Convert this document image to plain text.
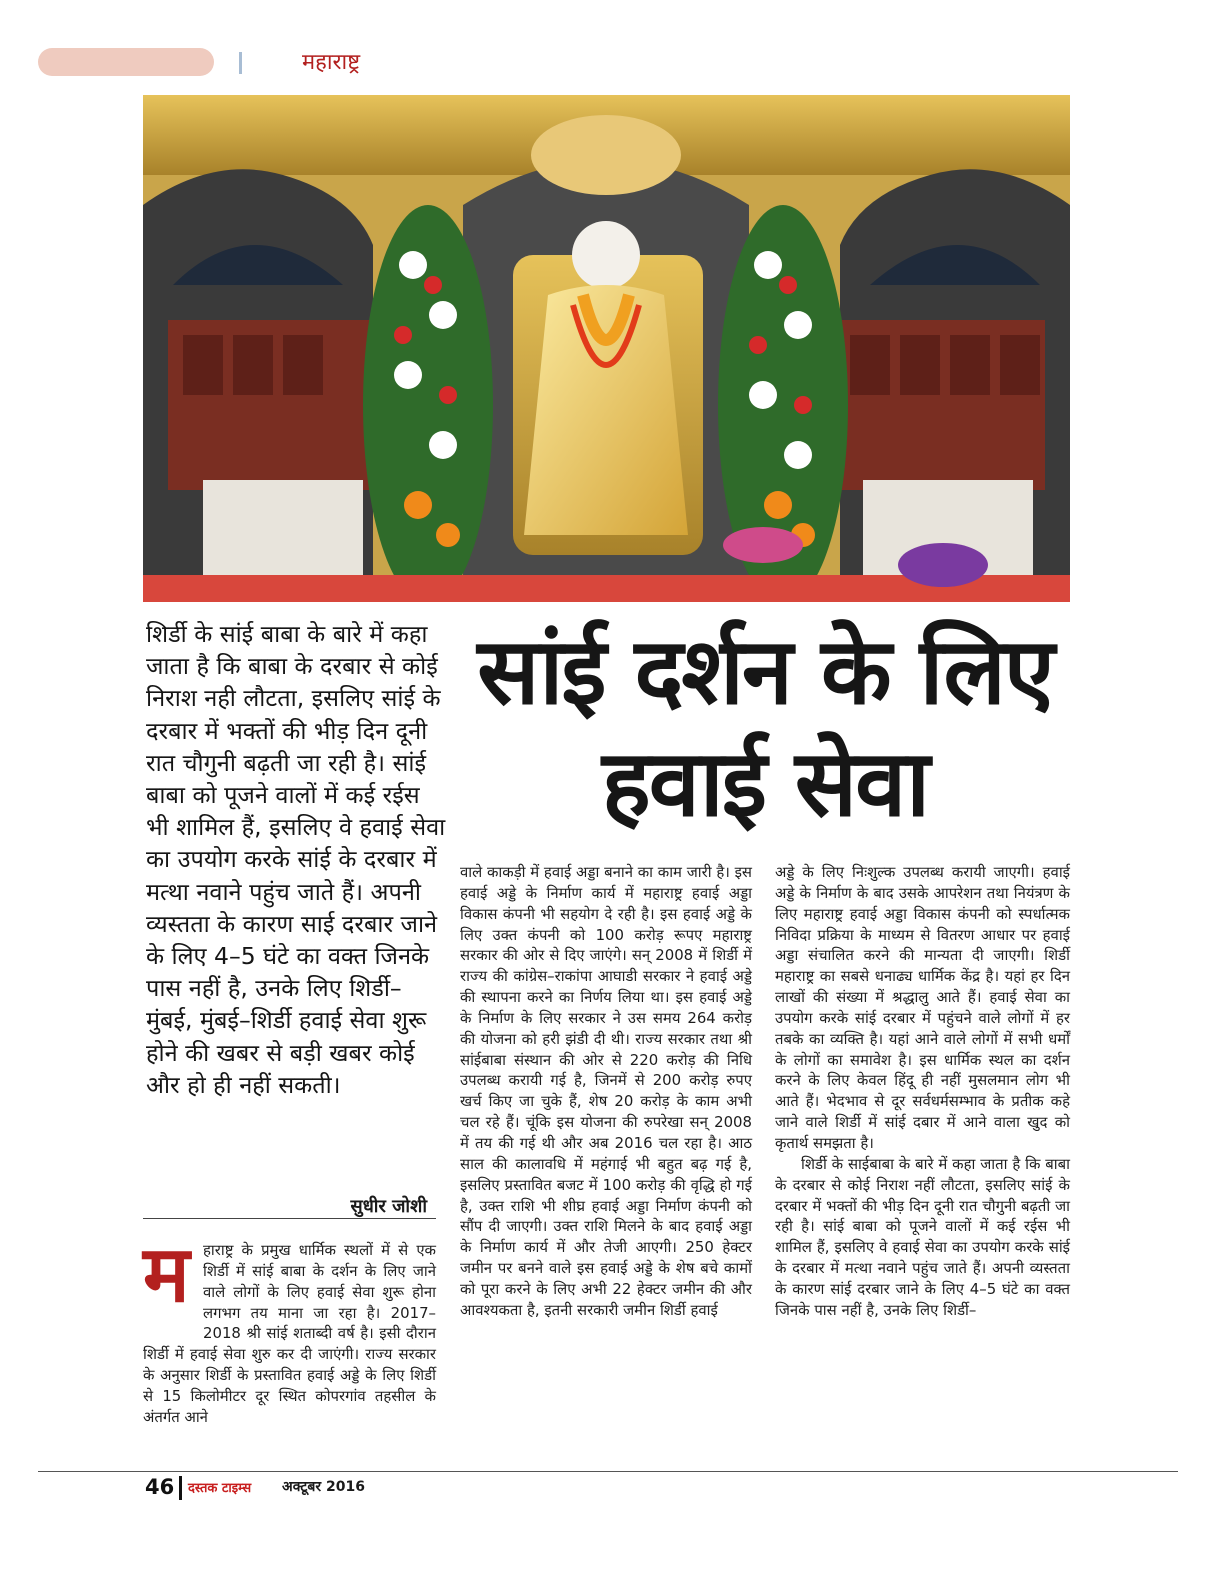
महाराष्ट्र

शिर्डी के सांई बाबा के बारे में कहा जाता है कि बाबा के दरबार से कोई निराश नही लौटता, इसलिए सांई के दरबार में भक्तों की भीड़ दिन दूनी रात चौगुनी बढ़ती जा रही है। सांई बाबा को पूजने वालों में कई रईस भी शामिल हैं, इसलिए वे हवाई सेवा का उपयोग करके सांई के दरबार में मत्था नवाने पहुंच जाते हैं। अपनी व्यस्तता के कारण साई दरबार जाने के लिए 4–5 घंटे का वक्त जिनके पास नहीं है, उनके लिए शिर्डी–मुंबई, मुंबई–शिर्डी हवाई सेवा शुरू होने की खबर से बड़ी खबर कोई और हो ही नहीं सकती।

सांई दर्शन के लिए
हवाई सेवा
सुधीर जोशी
म हाराष्ट्र के प्रमुख धार्मिक स्थलों में से एक शिर्डी में सांई बाबा के दर्शन के लिए जाने वाले लोगों के लिए हवाई सेवा शुरू होना लगभग तय माना जा रहा है। 2017–2018 श्री सांई शताब्दी वर्ष है। इसी दौरान शिर्डी में हवाई सेवा शुरु कर दी जाएंगी। राज्य सरकार के अनुसार शिर्डी के प्रस्तावित हवाई अड्डे के लिए शिर्डी से 15 किलोमीटर दूर स्थित कोपरगांव तहसील के अंतर्गत आने

वाले काकड़ी में हवाई अड्डा बनाने का काम जारी है। इस हवाई अड्डे के निर्माण कार्य में महाराष्ट्र हवाई अड्डा विकास कंपनी भी सहयोग दे रही है। इस हवाई अड्डे के लिए उक्त कंपनी को 100 करोड़ रूपए महाराष्ट्र सरकार की ओर से दिए जाएंगे। सन् 2008 में शिर्डी में राज्य की कांग्रेस–राकांपा आघाडी सरकार ने हवाई अड्डे की स्थापना करने का निर्णय लिया था। इस हवाई अड्डे के निर्माण के लिए सरकार ने उस समय 264 करोड़ की योजना को हरी झंडी दी थी। राज्य सरकार तथा श्री सांईबाबा संस्थान की ओर से 220 करोड़ की निधि उपलब्ध करायी गई है, जिनमें से 200 करोड़ रुपए खर्च किए जा चुके हैं, शेष 20 करोड़ के काम अभी चल रहे हैं। चूंकि इस योजना की रुपरेखा सन् 2008 में तय की गई थी और अब 2016 चल रहा है। आठ साल की कालावधि में महंगाई भी बहुत बढ़ गई है, इसलिए प्रस्तावित बजट में 100 करोड़ की वृद्धि हो गई है, उक्त राशि भी शीघ्र हवाई अड्डा निर्माण कंपनी को सौंप दी जाएगी। उक्त राशि मिलने के बाद हवाई अड्डा के निर्माण कार्य में और तेजी आएगी। 250 हेक्टर जमीन पर बनने वाले इस हवाई अड्डे के शेष बचे कामों को पूरा करने के लिए अभी 22 हेक्टर जमीन की और आवश्यकता है, इतनी सरकारी जमीन शिर्डी हवाई

अड्डे के लिए निःशुल्क उपलब्ध करायी जाएगी। हवाई अड्डे के निर्माण के बाद उसके आपरेशन तथा नियंत्रण के लिए महाराष्ट्र हवाई अड्डा विकास कंपनी को स्पर्धात्मक निविदा प्रक्रिया के माध्यम से वितरण आधार पर हवाई अड्डा संचालित करने की मान्यता दी जाएगी। शिर्डी महाराष्ट्र का सबसे धनाढ्य धार्मिक केंद्र है। यहां हर दिन लाखों की संख्या में श्रद्धालु आते हैं। हवाई सेवा का उपयोग करके सांई दरबार में पहुंचने वाले लोगों में हर तबके का व्यक्ति है। यहां आने वाले लोगों में सभी धर्मों के लोगों का समावेश है। इस धार्मिक स्थल का दर्शन करने के लिए केवल हिंदू ही नहीं मुसलमान लोग भी आते हैं। भेदभाव से दूर सर्वधर्मसम्भाव के प्रतीक कहे जाने वाले शिर्डी में सांई दबार में आने वाला खुद को कृतार्थ समझता है।

शिर्डी के साईबाबा के बारे में कहा जाता है कि बाबा के दरबार से कोई निराश नहीं लौटता, इसलिए सांई के दरबार में भक्तों की भीड़ दिन दूनी रात चौगुनी बढ़ती जा रही है। सांई बाबा को पूजने वालों में कई रईस भी शामिल हैं, इसलिए वे हवाई सेवा का उपयोग करके सांई के दरबार में मत्था नवाने पहुंच जाते हैं। अपनी व्यस्तता के कारण सांई दरबार जाने के लिए 4–5 घंटे का वक्त जिनके पास नहीं है, उनके लिए शिर्डी–

46 दस्तक टाइम्स अक्टूबर 2016
